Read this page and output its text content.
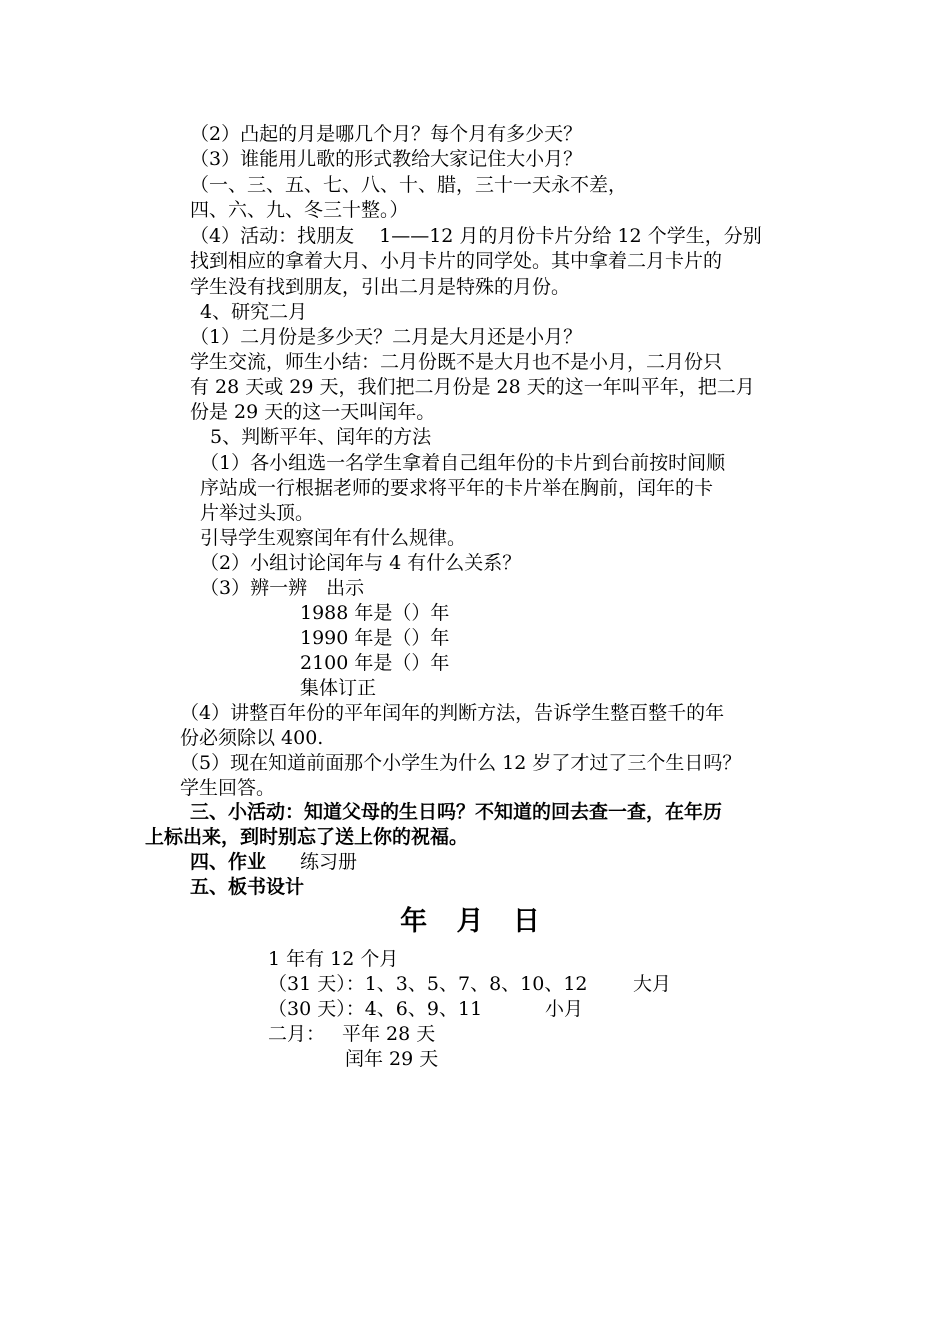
（2）凸起的月是哪几个月？每个月有多少天？
（3）谁能用儿歌的形式教给大家记住大小月？
（一、三、五、七、八、十、腊，三十一天永不差，
四、六、九、冬三十整。）
（4）活动：找朋友　 1——12 月的月份卡片分给 12 个学生，分别
找到相应的拿着大月、小月卡片的同学处。其中拿着二月卡片的
学生没有找到朋友，引出二月是特殊的月份。
4、研究二月
（1）二月份是多少天？二月是大月还是小月？
学生交流，师生小结：二月份既不是大月也不是小月，二月份只
有 28 天或 29 天，我们把二月份是 28 天的这一年叫平年，把二月
份是 29 天的这一天叫闰年。
5、判断平年、闰年的方法
（1）各小组选一名学生拿着自己组年份的卡片到台前按时间顺
序站成一行根据老师的要求将平年的卡片举在胸前，闰年的卡
片举过头顶。
引导学生观察闰年有什么规律。
（2）小组讨论闰年与 4 有什么关系？
（3）辨一辨　出示
1988 年是（）年
1990 年是（）年
2100 年是（）年
集体订正
（4）讲整百年份的平年闰年的判断方法，告诉学生整百整千的年
份必须除以 400.
（5）现在知道前面那个小学生为什么 12 岁了才过了三个生日吗？
学生回答。
三、小活动：知道父母的生日吗？不知道的回去查一查，在年历
上标出来，到时别忘了送上你的祝福。
四、作业 练习册
五、板书设计
年 月 日
1 年有 12 个月
（31 天）：1、3、5、7、8、10、12 大月
（30 天）：4、6、9、11	小月
二月： 平年 28 天
闰年 29 天
